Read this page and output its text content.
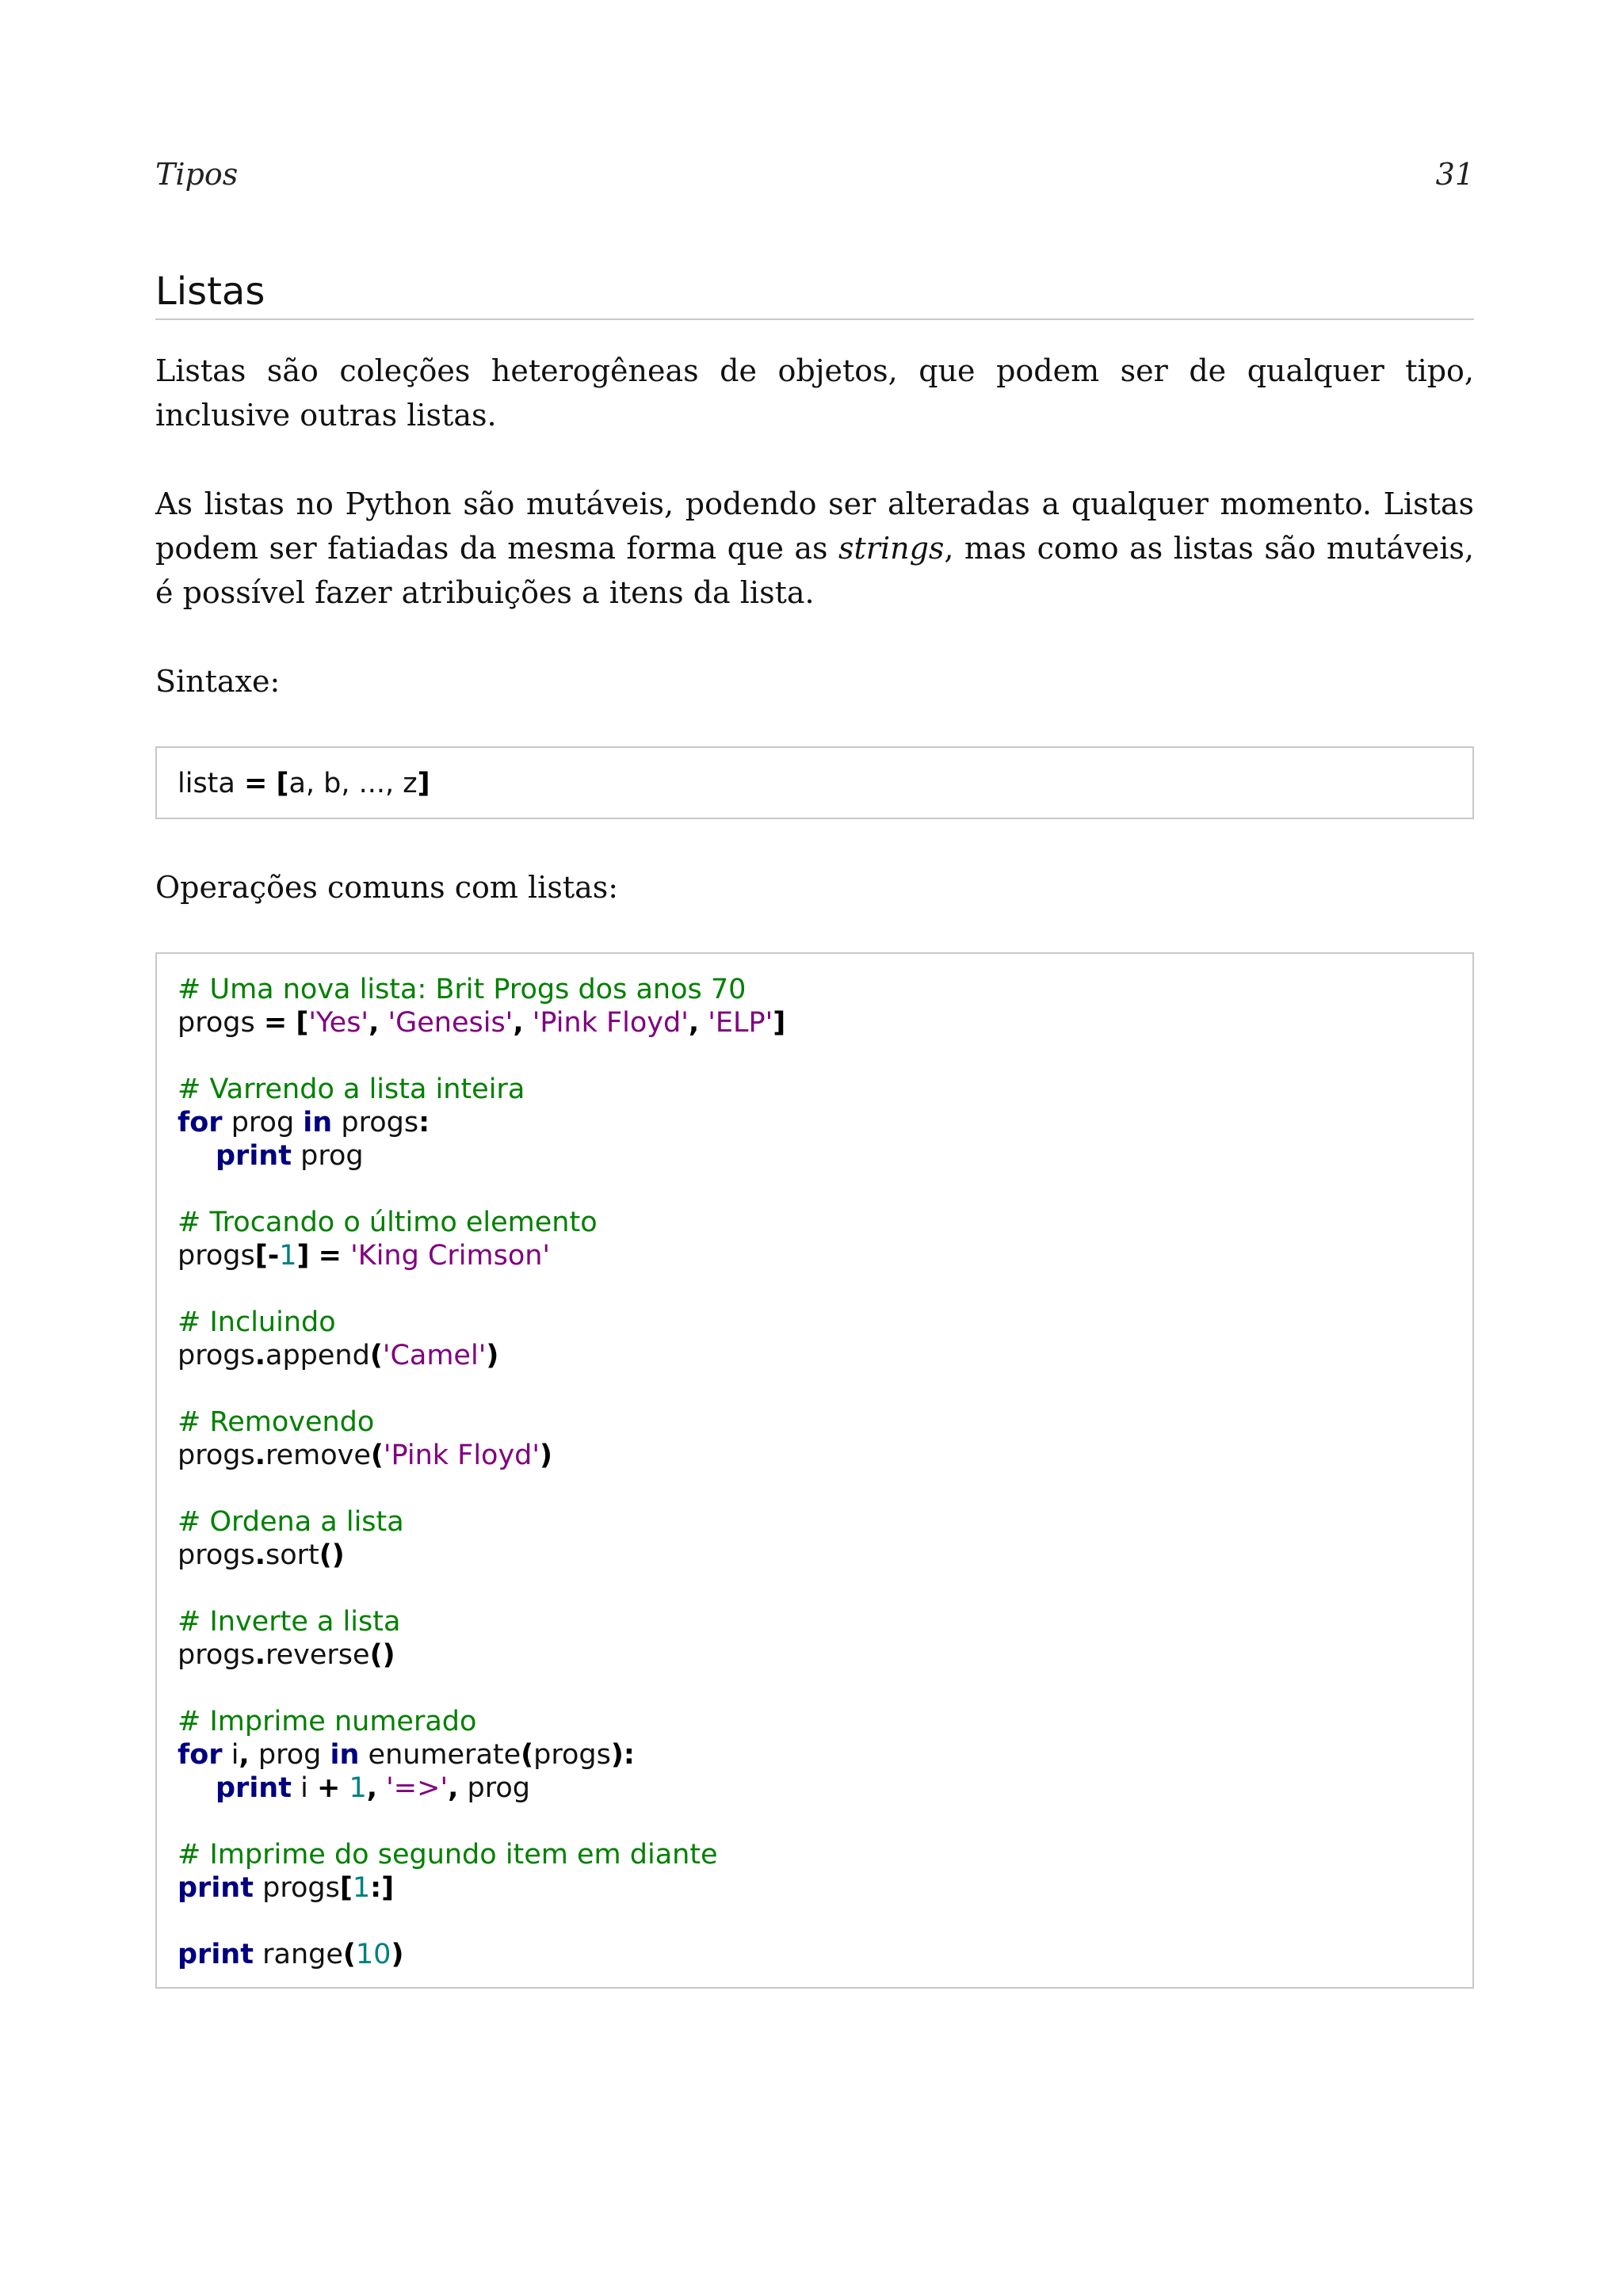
Tipos	31
Listas

Listas são coleções heterogêneas de objetos, que podem ser de qualquer tipo, inclusive outras listas.

As listas no Python são mutáveis, podendo ser alteradas a qualquer momento. Listas podem ser fatiadas da mesma forma que as strings, mas como as listas são mutáveis, é possível fazer atribuições a itens da lista.

Sintaxe:

lista = [a, b, ..., z]

Operações comuns com listas:

# Uma nova lista: Brit Progs dos anos 70
progs = ['Yes', 'Genesis', 'Pink Floyd', 'ELP']
# Varrendo a lista inteira
for prog in progs:
print prog
# Trocando o último elemento
progs[-1] = 'King Crimson'
# Incluindo
progs.append('Camel')
# Removendo
progs.remove('Pink Floyd')
# Ordena a lista
progs.sort()
# Inverte a lista
progs.reverse()
# Imprime numerado
for i, prog in enumerate(progs):
print i + 1, '=>', prog
# Imprime do segundo item em diante
print progs[1:]
print range(10)
